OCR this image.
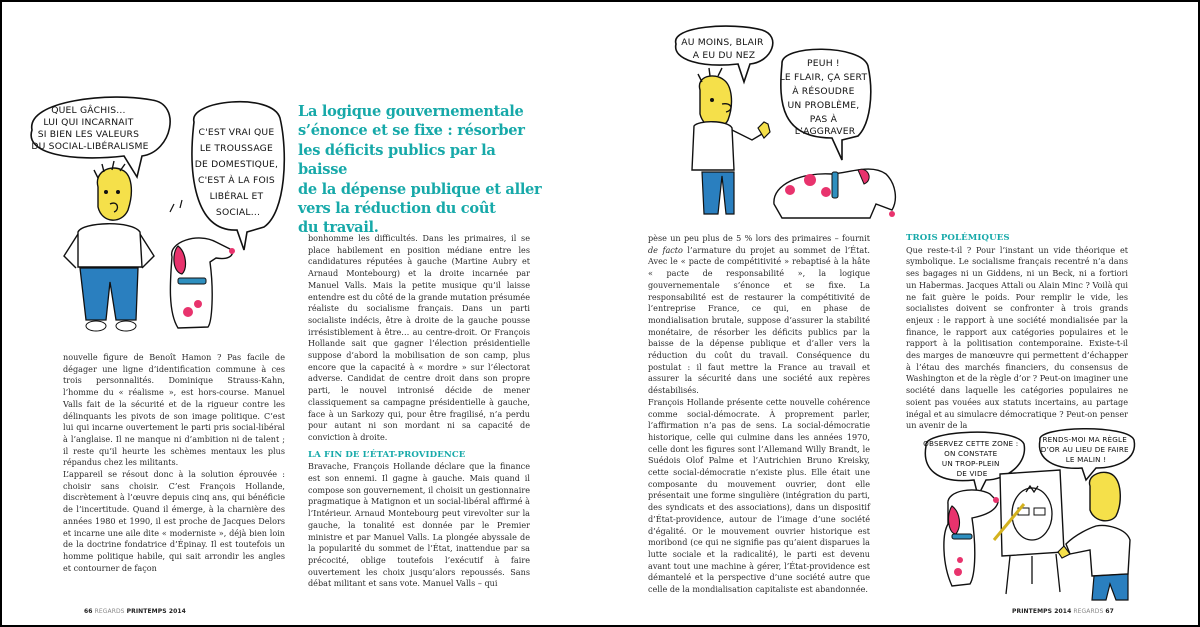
QUEL GÂCHIS... LUI QUI INCARNAIT SI BIEN LES VALEURS DU SOCIAL-LIBÉRALISME
C'EST VRAI QUE LE TROUSSAGE DE DOMESTIQUE, C'EST À LA FOIS LIBÉRAL ET SOCIAL...
La logique gouvernementale
s’énonce et se fixe : résorber
les déficits publics par la baisse
de la dépense publique et aller
vers la réduction du coût
du travail.

nouvelle figure de Benoît Hamon ? Pas facile de dégager une ligne d’identification commune à ces trois personnalités. Dominique Strauss-Kahn, l’homme du « réalisme », est hors-course. Manuel Valls fait de la sécurité et de la rigueur contre les délinquants les pivots de son image politique. C’est lui qui incarne ouvertement le parti pris social-libéral à l’anglaise. Il ne manque ni d’ambition ni de talent ; il reste qu’il heurte les schèmes mentaux les plus répandus chez les militants.

L’appareil se résout donc à la solution éprouvée : choisir sans choisir. C’est François Hollande, discrètement à l’œuvre depuis cinq ans, qui bénéficie de l’incertitude. Quand il émerge, à la charnière des années 1980 et 1990, il est proche de Jacques Delors et incarne une aile dite « moderniste », déjà bien loin de la doctrine fondatrice d’Épinay. Il est toutefois un homme politique habile, qui sait arrondir les angles et contourner de façon

bonhomme les difficultés. Dans les primaires, il se place habilement en position médiane entre les candidatures réputées à gauche (Martine Aubry et Arnaud Montebourg) et la droite incarnée par Manuel Valls. Mais la petite musique qu’il laisse entendre est du côté de la grande mutation présumée réaliste du socialisme français. Dans un parti socialiste indécis, être à droite de la gauche pousse irrésistiblement à être… au centre-droit. Or François Hollande sait que gagner l’élection présidentielle suppose d’abord la mobilisation de son camp, plus encore que la capacité à « mordre » sur l’électorat adverse. Candidat de centre droit dans son propre parti, le nouvel intronisé décide de mener classiquement sa campagne présidentielle à gauche, face à un Sarkozy qui, pour être fragilisé, n’a perdu pour autant ni son mordant ni sa capacité de conviction à droite.

LA FIN DE L’ÉTAT-PROVIDENCE

Bravache, François Hollande déclare que la finance est son ennemi. Il gagne à gauche. Mais quand il compose son gouvernement, il choisit un gestionnaire pragmatique à Matignon et un social-libéral affirmé à l’Intérieur. Arnaud Montebourg peut virevolter sur la gauche, la tonalité est donnée par le Premier ministre et par Manuel Valls. La plongée abyssale de la popularité du sommet de l’État, inattendue par sa précocité, oblige toutefois l’exécutif à faire ouvertement les choix jusqu’alors repoussés. Sans débat militant et sans vote. Manuel Valls – qui

66 REGARDS PRINTEMPS 2014
AU MOINS, BLAIR A EU DU NEZ
PEUH ! LE FLAIR, ÇA SERT À RÉSOUDRE UN PROBLÈME, PAS À L’AGGRAVER

pèse un peu plus de 5 % lors des primaires – fournit de facto l’armature du projet au sommet de l’État. Avec le « pacte de compétitivité » rebaptisé à la hâte « pacte de responsabilité », la logique gouvernementale s’énonce et se fixe. La responsabilité est de restaurer la compétitivité de l’entreprise France, ce qui, en phase de mondialisation brutale, suppose d’assurer la stabilité monétaire, de résorber les déficits publics par la baisse de la dépense publique et d’aller vers la réduction du coût du travail. Conséquence du postulat : il faut mettre la France au travail et assurer la sécurité dans une société aux repères déstabilisés.

François Hollande présente cette nouvelle cohérence comme social-démocrate. À proprement parler, l’affirmation n’a pas de sens. La social-démocratie historique, celle qui culmine dans les années 1970, celle dont les figures sont l’Allemand Willy Brandt, le Suédois Olof Palme et l’Autrichien Bruno Kreisky, cette social-démocratie n’existe plus. Elle était une composante du mouvement ouvrier, dont elle présentait une forme singulière (intégration du parti, des syndicats et des associations), dans un dispositif d’État-providence, autour de l’image d’une société d’égalité. Or le mouvement ouvrier historique est moribond (ce qui ne signifie pas qu’aient disparues la lutte sociale et la radicalité), le parti est devenu avant tout une machine à gérer, l’État-providence est démantelé et la perspective d’une société autre que celle de la mondialisation capitaliste est abandonnée.

TROIS POLÉMIQUES

Que reste-t-il ? Pour l’instant un vide théorique et symbolique. Le socialisme français recentré n’a dans ses bagages ni un Giddens, ni un Beck, ni a fortiori un Habermas. Jacques Attali ou Alain Minc ? Voilà qui ne fait guère le poids. Pour remplir le vide, les socialistes doivent se confronter à trois grands enjeux : le rapport à une société mondialisée par la finance, le rapport aux catégories populaires et le rapport à la politisation contemporaine. Existe-t-il des marges de manœuvre qui permettent d’échapper à l’étau des marchés financiers, du consensus de Washington et de la règle d’or ? Peut-on imaginer une société dans laquelle les catégories populaires ne soient pas vouées aux statuts incertains, au partage inégal et au simulacre démocratique ? Peut-on penser un avenir de la

OBSERVEZ CETTE ZONE : ON CONSTATE UN TROP-PLEIN DE VIDE
RENDS-MOI MA RÈGLE D’OR AU LIEU DE FAIRE LE MALIN !
PRINTEMPS 2014 REGARDS 67
